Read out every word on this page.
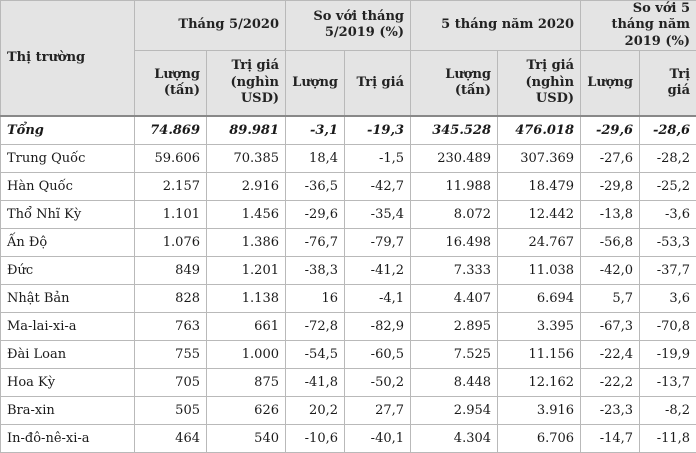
Thị trường	Tháng 5/2020		So với tháng 5/2019 (%)		5 tháng năm 2020		So với 5 tháng năm 2019 (%)	
	Lượng (tấn)	Trị giá (nghìn USD)	Lượng	Trị giá	Lượng (tấn)	Trị giá (nghìn USD)	Lượng	Trị giá
Tổng	74.869	89.981	-3,1	-19,3	345.528	476.018	-29,6	-28,6
Trung Quốc	59.606	70.385	18,4	-1,5	230.489	307.369	-27,6	-28,2
Hàn Quốc	2.157	2.916	-36,5	-42,7	11.988	18.479	-29,8	-25,2
Thổ Nhĩ Kỳ	1.101	1.456	-29,6	-35,4	8.072	12.442	-13,8	-3,6
Ấn Độ	1.076	1.386	-76,7	-79,7	16.498	24.767	-56,8	-53,3
Đức	849	1.201	-38,3	-41,2	7.333	11.038	-42,0	-37,7
Nhật Bản	828	1.138	16	-4,1	4.407	6.694	5,7	3,6
Ma-lai-xi-a	763	661	-72,8	-82,9	2.895	3.395	-67,3	-70,8
Đài Loan	755	1.000	-54,5	-60,5	7.525	11.156	-22,4	-19,9
Hoa Kỳ	705	875	-41,8	-50,2	8.448	12.162	-22,2	-13,7
Bra-xin	505	626	20,2	27,7	2.954	3.916	-23,3	-8,2
In-đô-nê-xi-a	464	540	-10,6	-40,1	4.304	6.706	-14,7	-11,8
